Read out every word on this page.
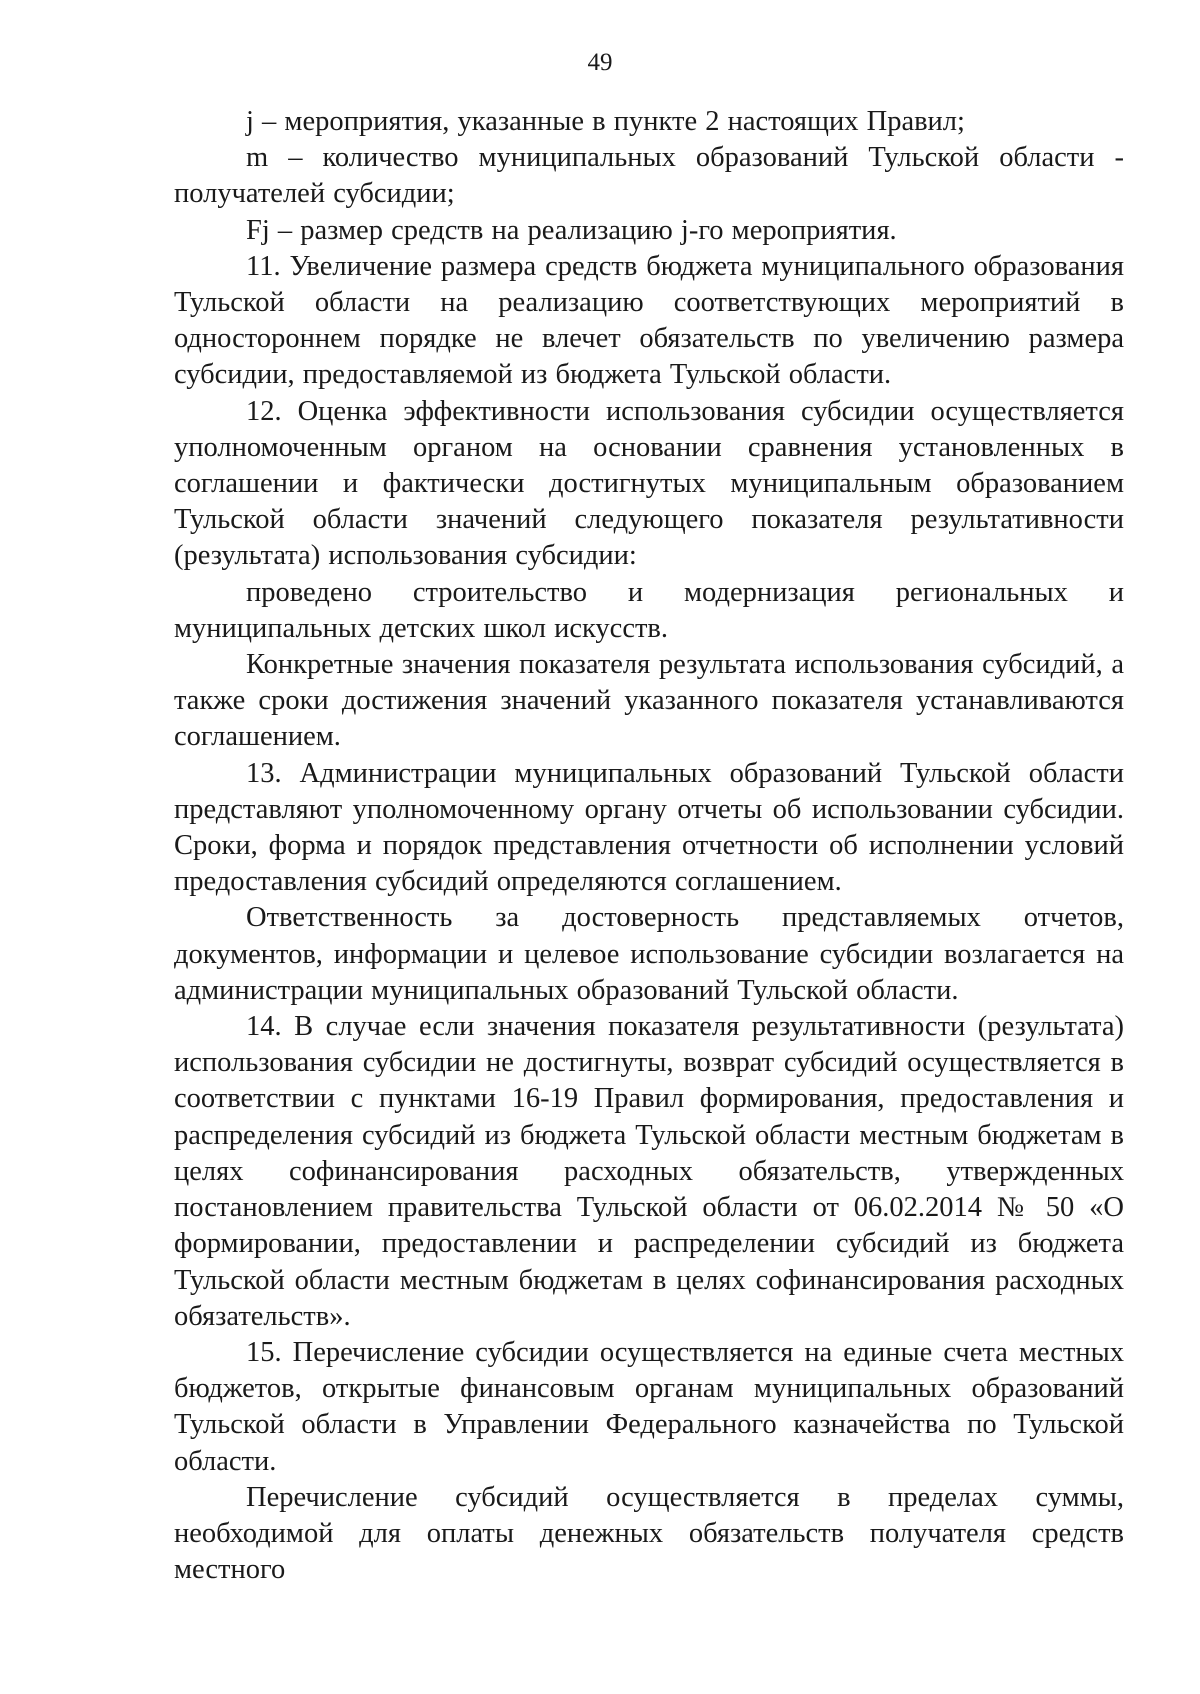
49

j – мероприятия, указанные в пункте 2 настоящих Правил;

m – количество муниципальных образований Тульской области - получателей субсидии;

Fj – размер средств на реализацию j-го мероприятия.

11. Увеличение размера средств бюджета муниципального образования Тульской области на реализацию соответствующих мероприятий в одностороннем порядке не влечет обязательств по увеличению размера субсидии, предоставляемой из бюджета Тульской области.

12. Оценка эффективности использования субсидии осуществляется уполномоченным органом на основании сравнения установленных в соглашении и фактически достигнутых муниципальным образованием Тульской области значений следующего показателя результативности (результата) использования субсидии:

проведено строительство и модернизация региональных и муниципальных детских школ искусств.

Конкретные значения показателя результата использования субсидий, а также сроки достижения значений указанного показателя устанавливаются соглашением.

13. Администрации муниципальных образований Тульской области представляют уполномоченному органу отчеты об использовании субсидии. Сроки, форма и порядок представления отчетности об исполнении условий предоставления субсидий определяются соглашением.

Ответственность за достоверность представляемых отчетов, документов, информации и целевое использование субсидии возлагается на администрации муниципальных образований Тульской области.

14. В случае если значения показателя результативности (результата) использования субсидии не достигнуты, возврат субсидий осуществляется в соответствии с пунктами 16-19 Правил формирования, предоставления и распределения субсидий из бюджета Тульской области местным бюджетам в целях софинансирования расходных обязательств, утвержденных постановлением правительства Тульской области от 06.02.2014 № 50 «О формировании, предоставлении и распределении субсидий из бюджета Тульской области местным бюджетам в целях софинансирования расходных обязательств».

15. Перечисление субсидии осуществляется на единые счета местных бюджетов, открытые финансовым органам муниципальных образований Тульской области в Управлении Федерального казначейства по Тульской области.

Перечисление субсидий осуществляется в пределах суммы, необходимой для оплаты денежных обязательств получателя средств местного
